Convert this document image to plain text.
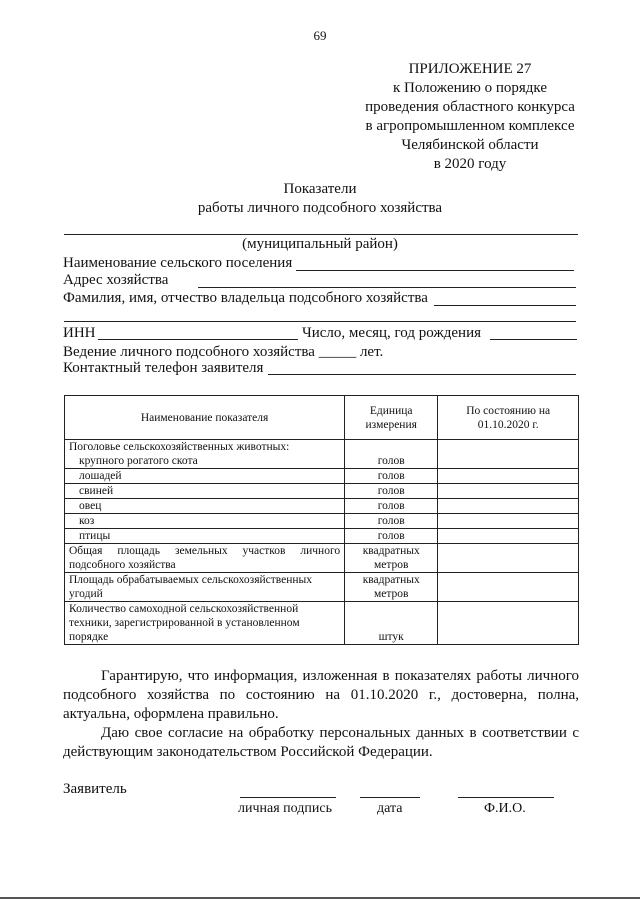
69
ПРИЛОЖЕНИЕ 27
к Положению о порядке
проведения областного конкурса
в агропромышленном комплексе
Челябинской области
в 2020 году
Показатели
работы личного подсобного хозяйства
(муниципальный район)
Наименование сельского поселения
Адрес хозяйства
Фамилия, имя, отчество владельца подсобного хозяйства
ИНН	Число, месяц, год рождения
Ведение личного подсобного хозяйства _____ лет.
Контактный телефон заявителя
Наименование показателя	Единица измерения	По состоянию на 01.10.2020 г.

Поголовье сельскохозяйственных животных:
крупного рогатого скота	голов	
лошадей	голов	
свиней	голов	
овец	голов	
коз	голов	
птицы	голов	
Общая площадь земельных участков личного подсобного хозяйства	квадратных метров	
Площадь обрабатываемых сельскохозяйственных угодий	квадратных метров	
Количество самоходной сельскохозяйственной техники, зарегистрированной в установленном порядке	штук	

Гарантирую, что информация, изложенная в показателях работы личного подсобного хозяйства по состоянию на 01.10.2020 г., достоверна, полна, актуальна, оформлена правильно.

Даю свое согласие на обработку персональных данных в соответствии с действующим законодательством Российской Федерации.

Заявитель
личная подпись	дата	Ф.И.О.
